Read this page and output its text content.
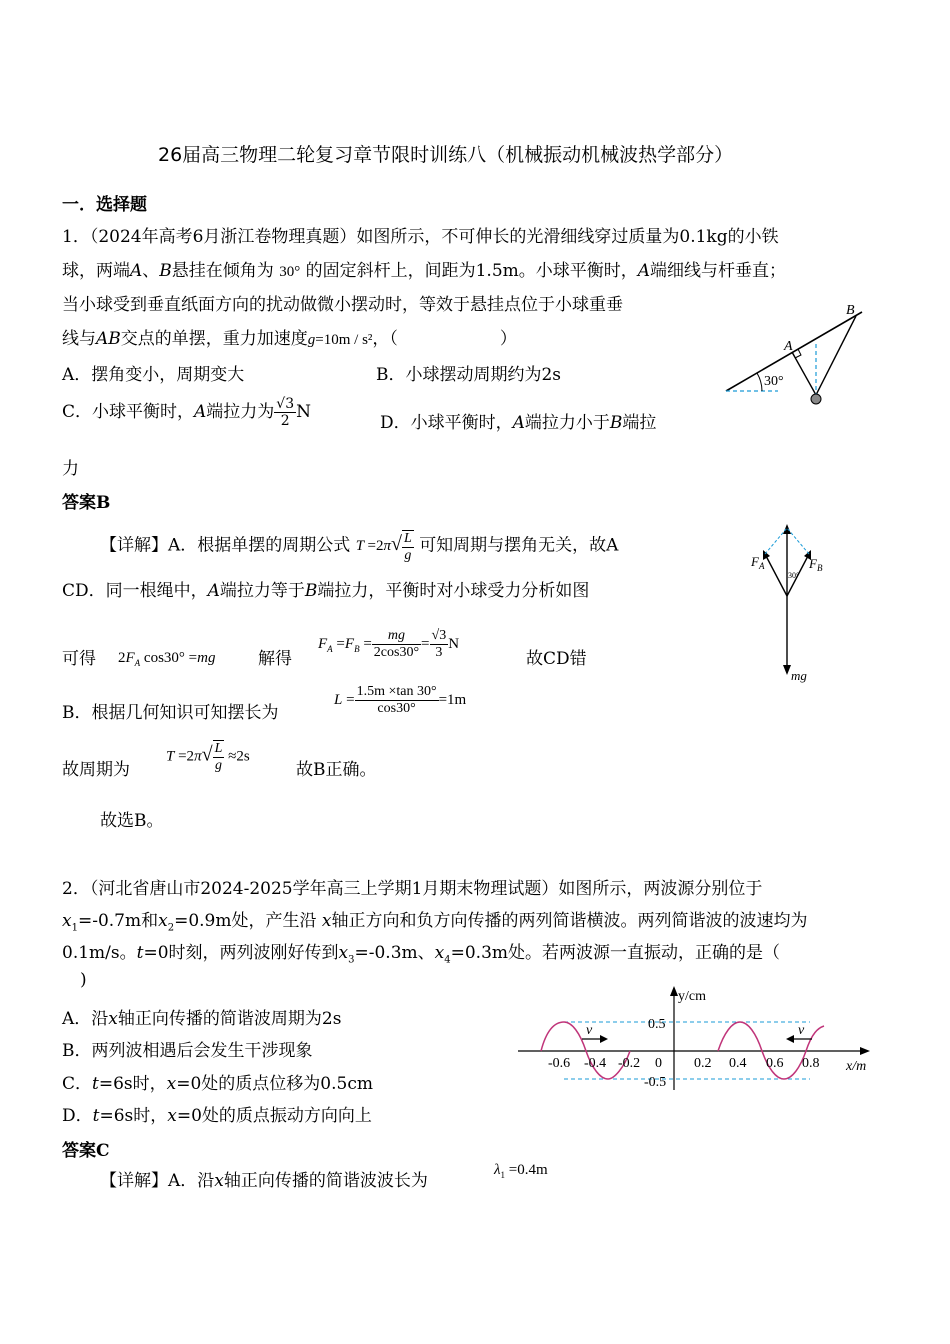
26届高三物理二轮复习章节限时训练八（机械振动机械波热学部分）
一．选择题
1．（2024年高考6月浙江卷物理真题）如图所示，不可伸长的光滑细线穿过质量为0.1kg的小铁
球，两端A、B悬挂在倾角为 30° 的固定斜杆上，间距为1.5m。小球平衡时，A端细线与杆垂直；
当小球受到垂直纸面方向的扰动做微小摆动时，等效于悬挂点位于小球重垂
线与AB交点的单摆，重力加速度g=10m / s²，（　　　　　　）
A．摆角变小，周期变大	B．小球摆动周期约为2s
C．小球平衡时，A端拉力为 $\frac{√3}{2}$ N
D．小球平衡时，A端拉力小于B端拉
力
A
B
30°
答案B
【详解】A．根据单摆的周期公式 $T =2\pi√ \frac{L}{g}$ 可知周期与摆角无关，故A
CD．同一根绳中，A端拉力等于B端拉力，平衡时对小球受力分析如图
$F_A$	$F_B$
30°
mg
可得 $2F_A$ cos30° =mg	解得
$F_A =F_B = \frac{mg}{2\cos 30^\circ} = \frac{√3}{3}$ N
故CD错
B．根据几何知识可知摆长为
$L = \frac{1.5m \times\tan 30^\circ}{\cos 30^\circ} =1m$
故周期为
$T =2\pi√ \frac{L}{g} \approx 2s$
故B正确。
故选B。
2．（河北省唐山市2024-2025学年高三上学期1月期末物理试题）如图所示，两波源分别位于
$x_1=-0.7m$和$x_2=0.9m$处，产生沿 x轴正方向和负方向传播的两列简谐横波。两列简谐波的波速均为
0.1m/s。t=0时刻，两列波刚好传到$x_3=-0.3m$、$x_4=0.3m$处。若两波源一直振动，正确的是（
)
A．沿x轴正向传播的简谐波周期为2s
B．两列波相遇后会发生干涉现象
C．t=6s时，x=0处的质点位移为0.5cm
D．t=6s时，x=0处的质点振动方向向上
v	v
y/cm
x/m
0.5
-0.5
-0.6 -0.4 -0.2 0 0.2 0.4 0.6 0.8
答案C
【详解】A．沿x轴正向传播的简谐波波长为
$\lambda_1 =0.4m$
